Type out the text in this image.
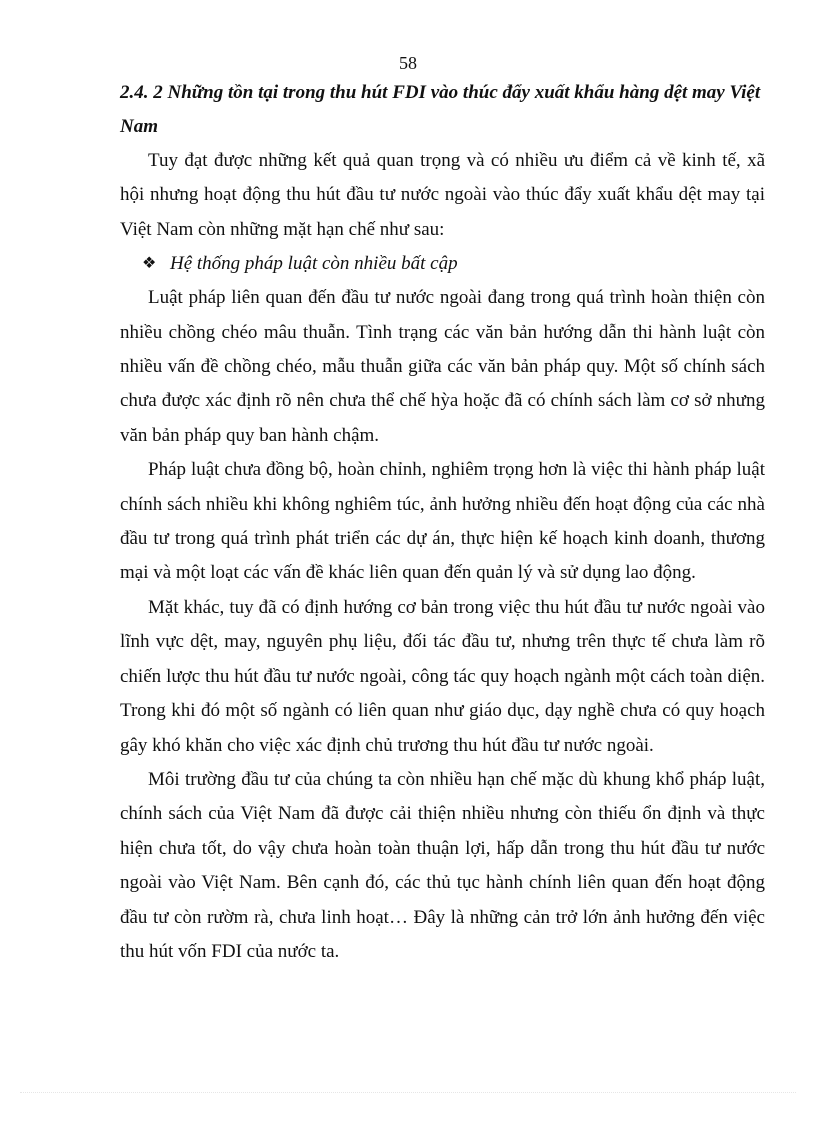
58

2.4. 2 Những tồn tại trong thu hút FDI vào thúc đẩy xuất khẩu hàng dệt may Việt Nam

Tuy đạt được những kết quả quan trọng và có nhiều ưu điểm cả về kinh tế, xã hội nhưng hoạt động thu hút đầu tư nước ngoài vào thúc đẩy xuất khẩu dệt may tại Việt Nam còn những mặt hạn chế như sau:

❖ Hệ thống pháp luật còn nhiều bất cập

Luật pháp liên quan đến đầu tư nước ngoài đang trong quá trình hoàn thiện còn nhiều chồng chéo mâu thuẫn. Tình trạng các văn bản hướng dẫn thi hành luật còn nhiều vấn đề chồng chéo, mẫu thuẫn giữa các văn bản pháp quy. Một số chính sách chưa được xác định rõ nên chưa thể chế hỳa hoặc đã có chính sách làm cơ sở nhưng văn bản pháp quy ban hành chậm.

Pháp luật chưa đồng bộ, hoàn chỉnh, nghiêm trọng hơn là việc thi hành pháp luật chính sách nhiều khi không nghiêm túc, ảnh hưởng nhiều đến hoạt động của các nhà đầu tư trong quá trình phát triển các dự án, thực hiện kế hoạch kinh doanh, thương mại và một loạt các vấn đề khác liên quan đến quản lý và sử dụng lao động.

Mặt khác, tuy đã có định hướng cơ bản trong việc thu hút đầu tư nước ngoài vào lĩnh vực dệt, may, nguyên phụ liệu, đối tác đầu tư, nhưng trên thực tế chưa làm rõ chiến lược thu hút đầu tư nước ngoài, công tác quy hoạch ngành một cách toàn diện. Trong khi đó một số ngành có liên quan như giáo dục, dạy nghề chưa có quy hoạch gây khó khăn cho việc xác định chủ trương thu hút đầu tư nước ngoài.

Môi trường đầu tư của chúng ta còn nhiều hạn chế mặc dù khung khổ pháp luật, chính sách của Việt Nam đã được cải thiện nhiều nhưng còn thiếu ổn định và thực hiện chưa tốt, do vậy chưa hoàn toàn thuận lợi, hấp dẫn trong thu hút đầu tư nước ngoài vào Việt Nam. Bên cạnh đó, các thủ tục hành chính liên quan đến hoạt động đầu tư còn rườm rà, chưa linh hoạt… Đây là những cản trở lớn ảnh hưởng đến việc thu hút vốn FDI của nước ta.
